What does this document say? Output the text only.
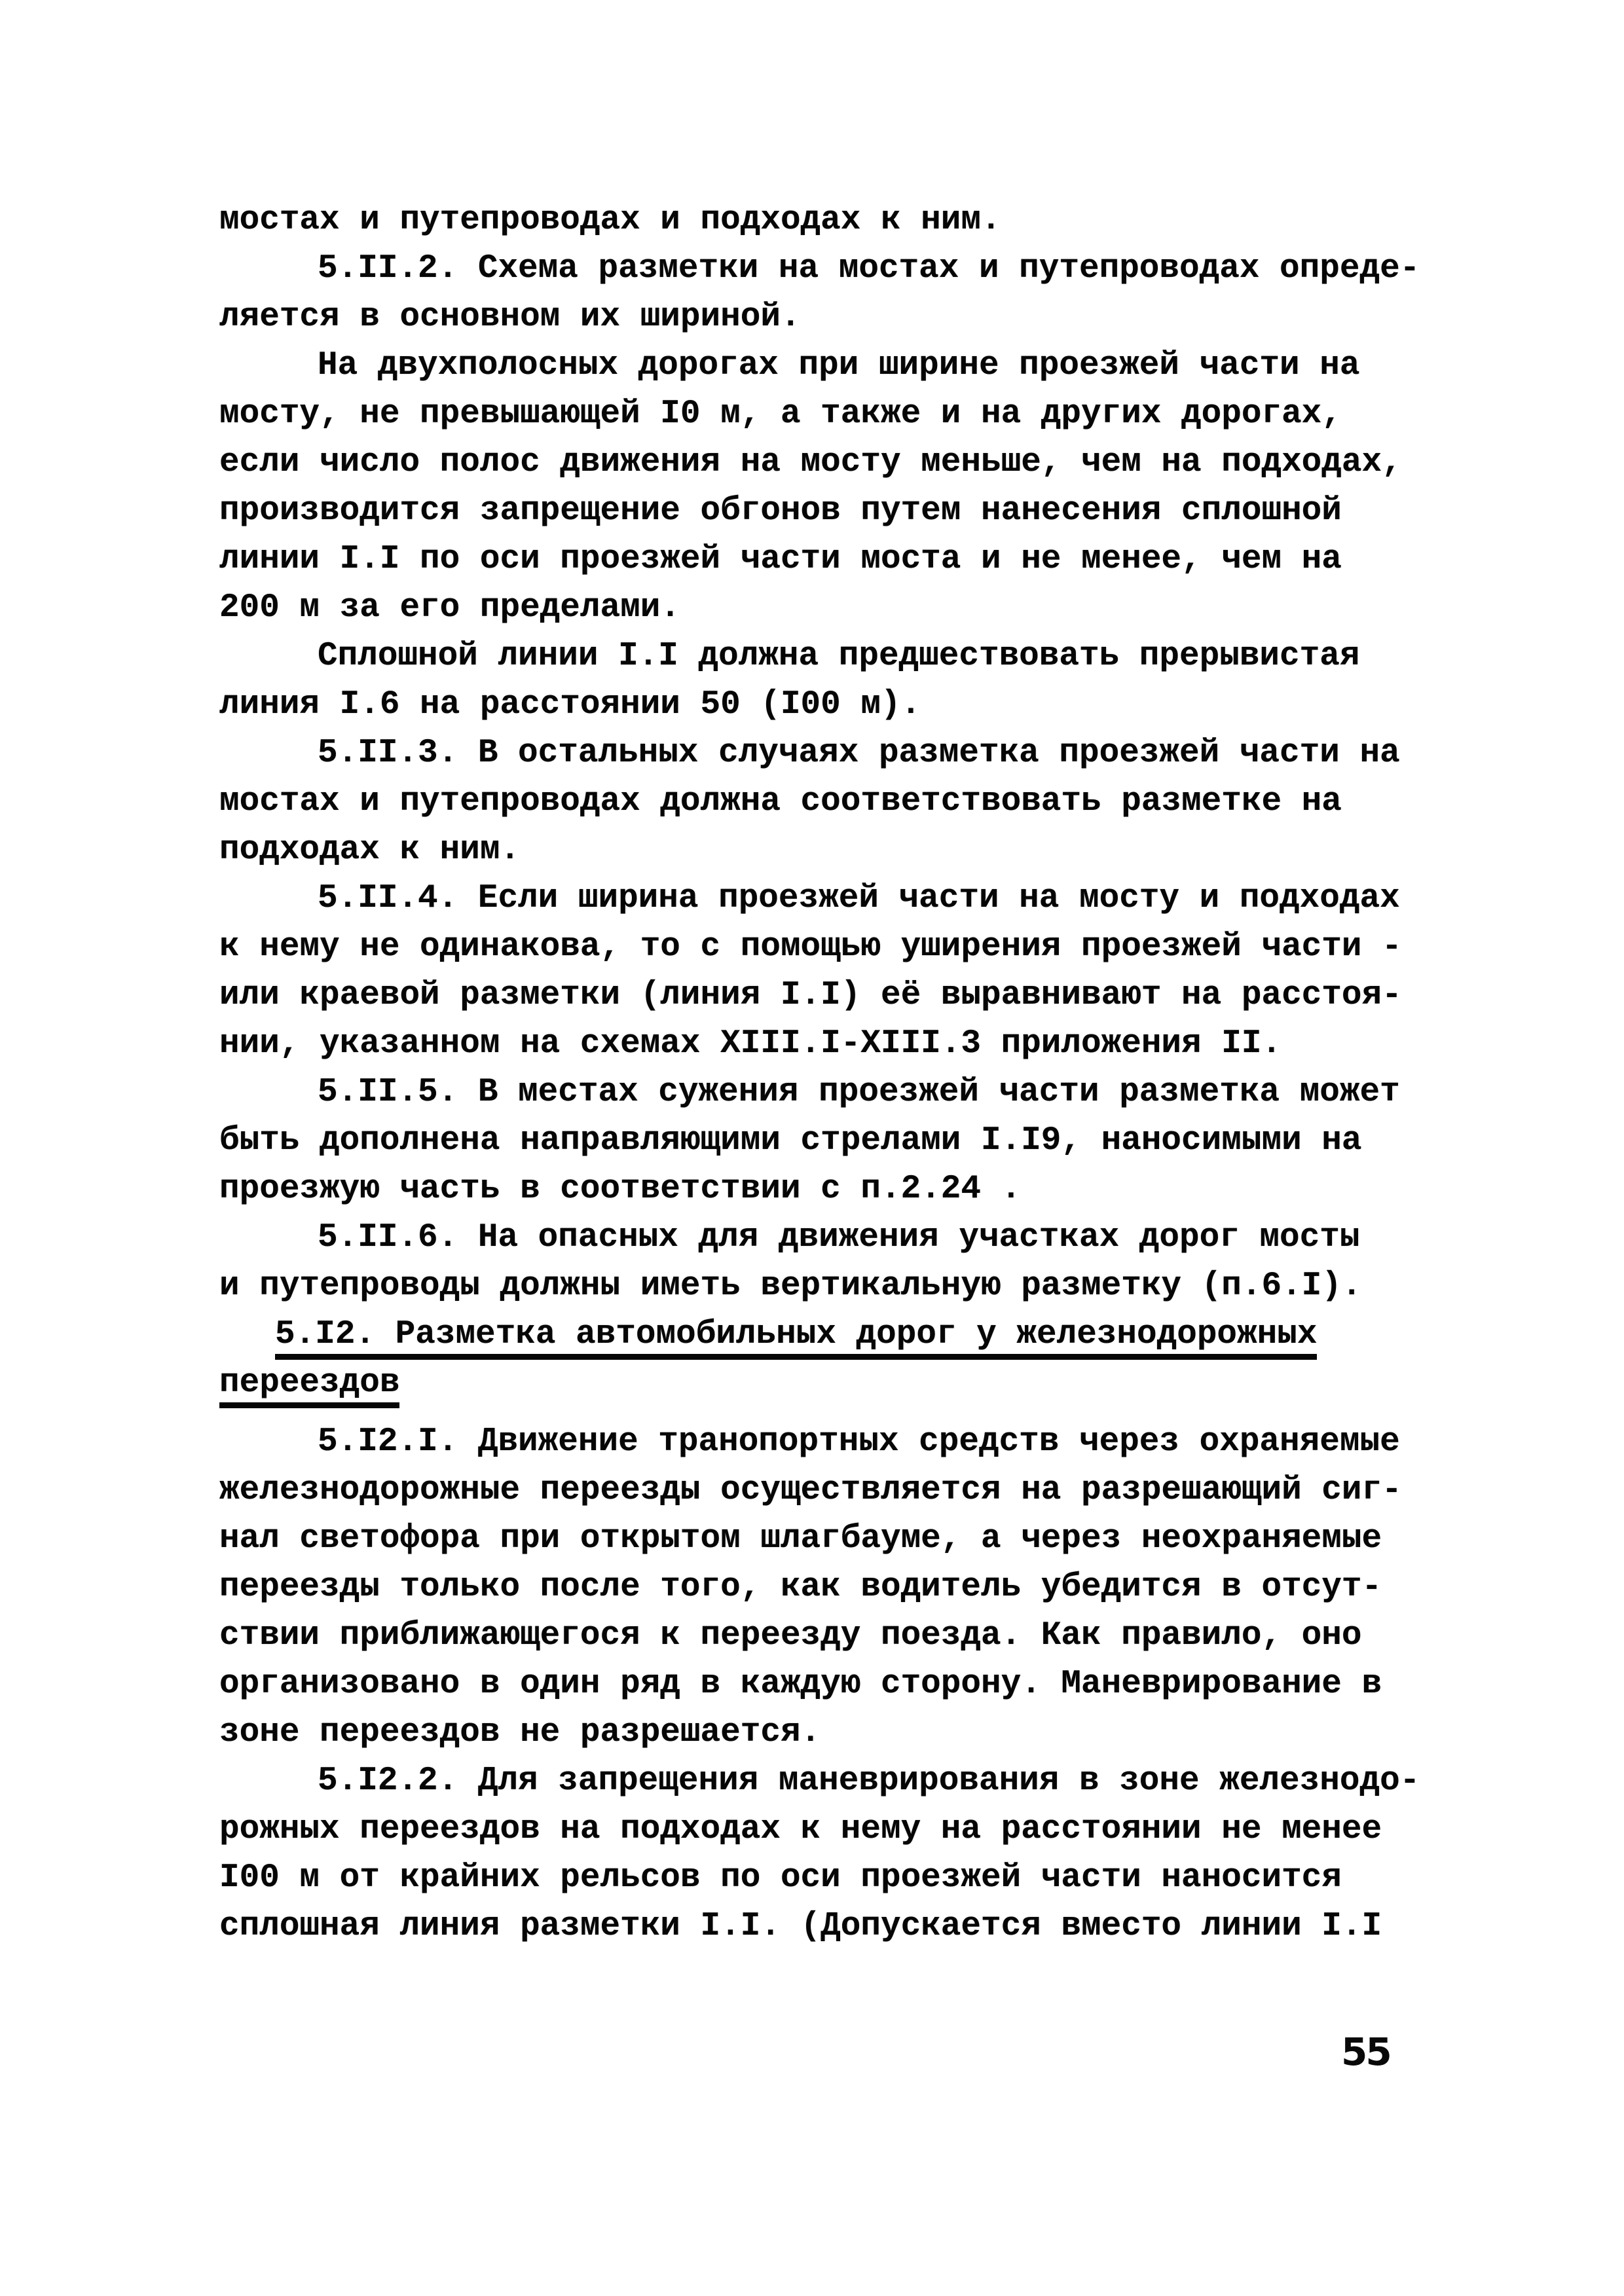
мостах и путепроводах и подходах к ним.
5.II.2. Схема разметки на мостах и путепроводах опреде-
ляется в основном их шириной.
На двухполосных дорогах при ширине проезжей части на
мосту, не превышающей I0 м, а также и на других дорогах,
если число полос движения на мосту меньше, чем на подходах,
производится запрещение обгонов путем нанесения сплошной
линии I.I по оси проезжей части моста и не менее, чем на
200 м за его пределами.
Сплошной линии I.I должна предшествовать прерывистая
линия I.6 на расстоянии 50 (I00 м).
5.II.3. В остальных случаях разметка проезжей части на
мостах и путепроводах должна соответствовать разметке на
подходах к ним.
5.II.4. Если ширина проезжей части на мосту и подходах
к нему не одинакова, то с помощью уширения проезжей части -
или краевой разметки (линия I.I) её выравнивают на расстоя-
нии, указанном на схемах XIII.I-XIII.3 приложения II.
5.II.5. В местах сужения проезжей части разметка может
быть дополнена направляющими стрелами I.I9, наносимыми на
проезжую часть в соответствии с п.2.24 .
5.II.6. На опасных для движения участках дорог мосты
и путепроводы должны иметь вертикальную разметку (п.6.I).
5.I2. Разметка автомобильных дорог у железнодорожных
переездов
5.I2.I. Движение транопортных средств через охраняемые
железнодорожные переезды осуществляется на разрешающий сиг-
нал светофора при открытом шлагбауме, а через неохраняемые
переезды только после того, как водитель убедится в отсут-
ствии приближающегося к переезду поезда. Как правило, оно
организовано в один ряд в каждую сторону. Маневрирование в
зоне переездов не разрешается.
5.I2.2. Для запрещения маневрирования в зоне железнодо-
рожных переездов на подходах к нему на расстоянии не менее
I00 м от крайних рельсов по оси проезжей части наносится
сплошная линия разметки I.I. (Допускается вместо линии I.I
55
